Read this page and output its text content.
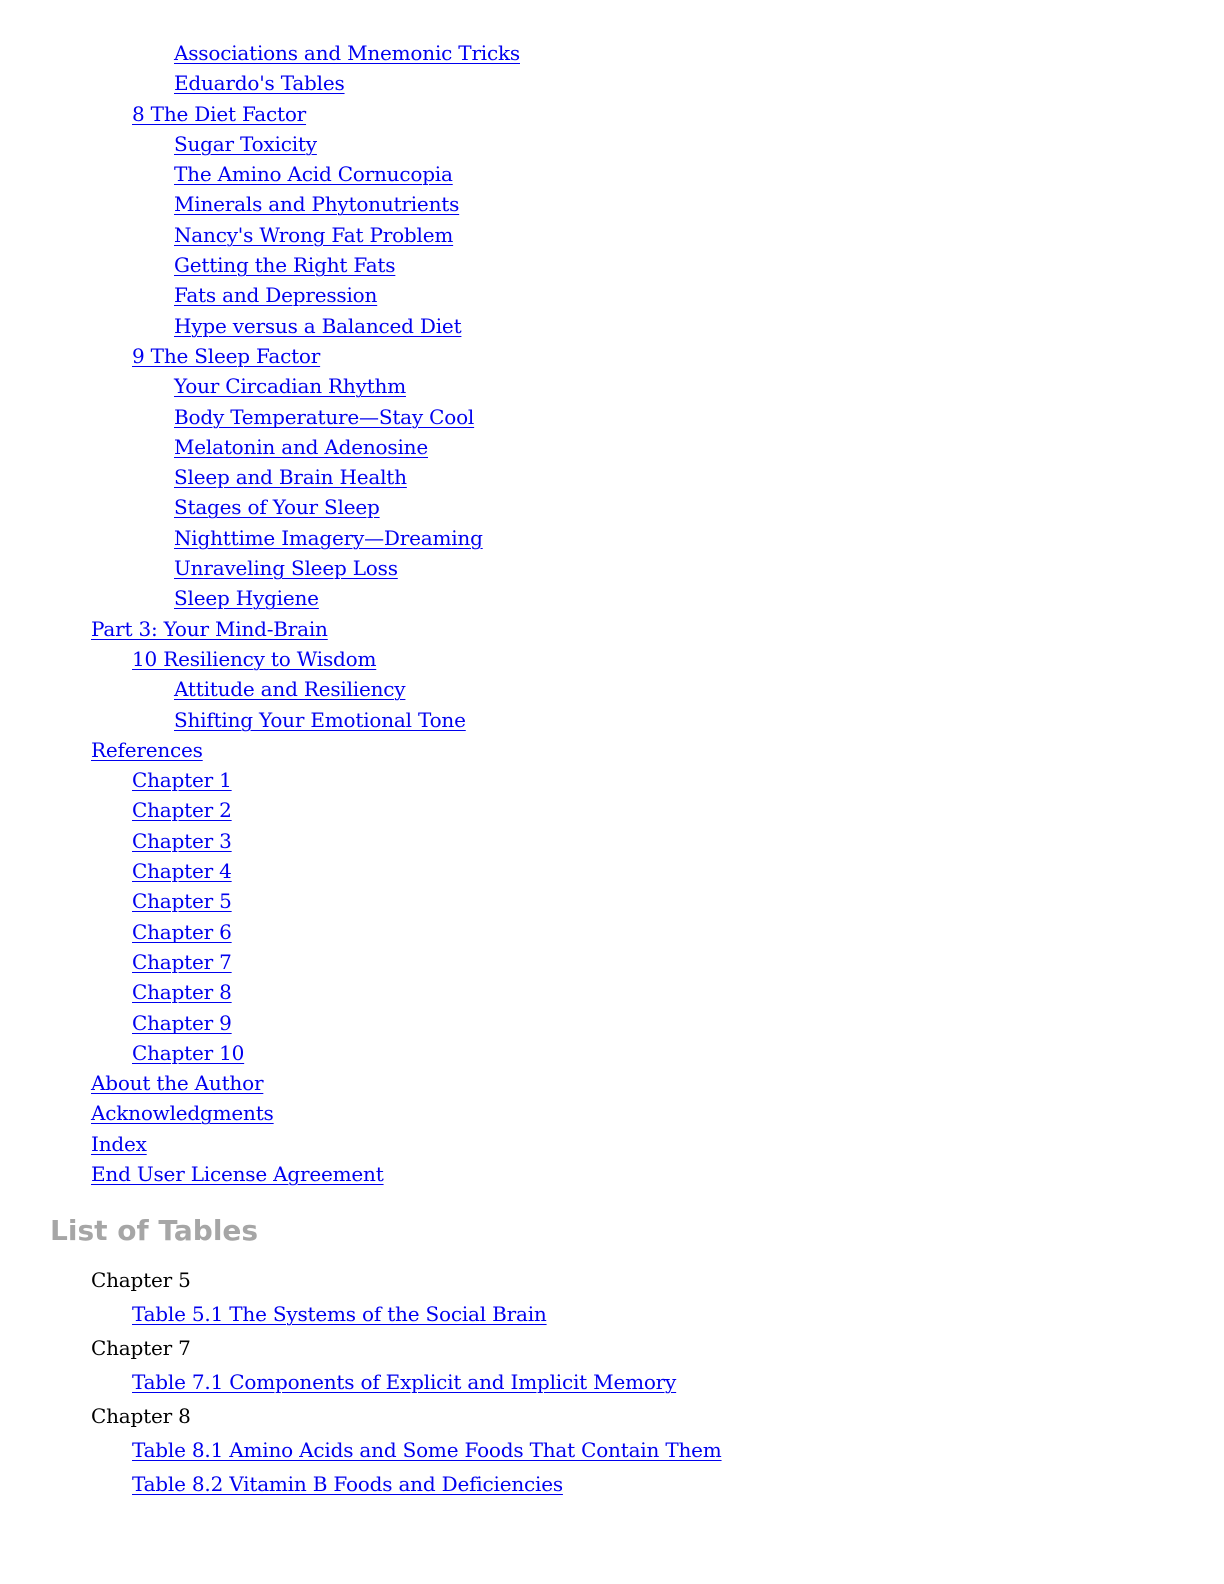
Associations and Mnemonic Tricks
Eduardo's Tables
8 The Diet Factor
Sugar Toxicity
The Amino Acid Cornucopia
Minerals and Phytonutrients
Nancy's Wrong Fat Problem
Getting the Right Fats
Fats and Depression
Hype versus a Balanced Diet
9 The Sleep Factor
Your Circadian Rhythm
Body Temperature—Stay Cool
Melatonin and Adenosine
Sleep and Brain Health
Stages of Your Sleep
Nighttime Imagery—Dreaming
Unraveling Sleep Loss
Sleep Hygiene
Part 3: Your Mind-Brain
10 Resiliency to Wisdom
Attitude and Resiliency
Shifting Your Emotional Tone
References
Chapter 1
Chapter 2
Chapter 3
Chapter 4
Chapter 5
Chapter 6
Chapter 7
Chapter 8
Chapter 9
Chapter 10
About the Author
Acknowledgments
Index
End User License Agreement
List of Tables
Chapter 5
Table 5.1 The Systems of the Social Brain
Chapter 7
Table 7.1 Components of Explicit and Implicit Memory
Chapter 8
Table 8.1 Amino Acids and Some Foods That Contain Them
Table 8.2 Vitamin B Foods and Deficiencies
